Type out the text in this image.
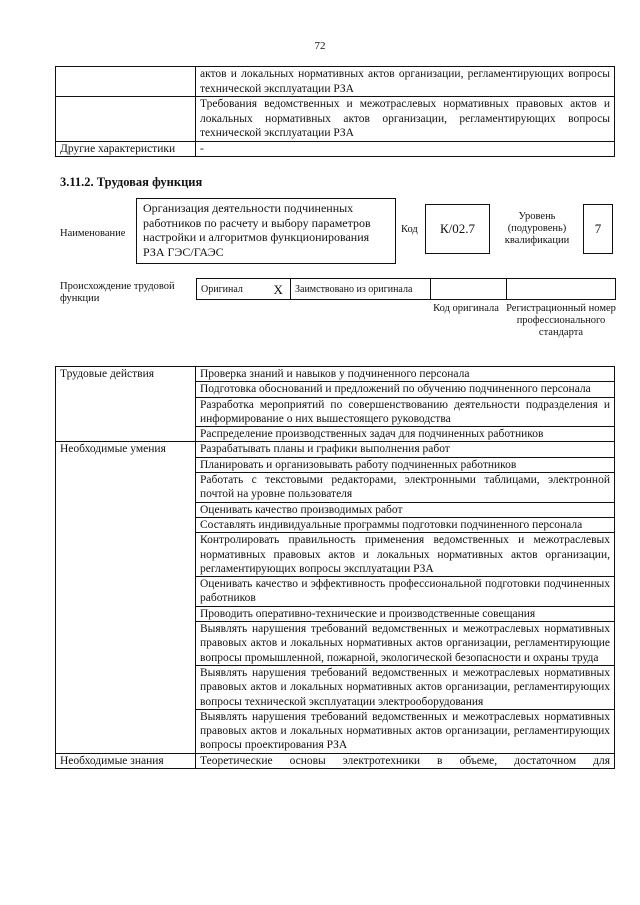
72
	актов и локальных нормативных актов организации, регламентирующих вопросы технической эксплуатации РЗА
	Требования ведомственных и межотраслевых нормативных правовых актов и локальных нормативных актов организации, регламентирующих вопросы технической эксплуатации РЗА
Другие характеристики	-
3.11.2. Трудовая функция
Наименование
Организация деятельности подчиненных работников по расчету и выбору параметров настройки и алгоритмов функционирования РЗА ГЭС/ГАЭС
Код	К/02.7
Уровень (подуровень) квалификации
7
Происхождение трудовой функции
Оригинал	X	Заимствовано из оригинала		
Код оригинала Регистрационный номер профессионального стандарта
Трудовые действия	Проверка знаний и навыков у подчиненного персонала
	Подготовка обоснований и предложений по обучению подчиненного персонала
	Разработка мероприятий по совершенствованию деятельности подразделения и информирование о них вышестоящего руководства
	Распределение производственных задач для подчиненных работников
Необходимые умения	Разрабатывать планы и графики выполнения работ
	Планировать и организовывать работу подчиненных работников
	Работать с текстовыми редакторами, электронными таблицами, электронной почтой на уровне пользователя
	Оценивать качество производимых работ
	Составлять индивидуальные программы подготовки подчиненного персонала
	Контролировать правильность применения ведомственных и межотраслевых нормативных правовых актов и локальных нормативных актов организации, регламентирующих вопросы эксплуатации РЗА
	Оценивать качество и эффективность профессиональной подготовки подчиненных работников
	Проводить оперативно-технические и производственные совещания
	Выявлять нарушения требований ведомственных и межотраслевых нормативных правовых актов и локальных нормативных актов организации, регламентирующие вопросы промышленной, пожарной, экологической безопасности и охраны труда
	Выявлять нарушения требований ведомственных и межотраслевых нормативных правовых актов и локальных нормативных актов организации, регламентирующих вопросы технической эксплуатации электрооборудования
	Выявлять нарушения требований ведомственных и межотраслевых нормативных правовых актов и локальных нормативных актов организации, регламентирующих вопросы проектирования РЗА
Необходимые знания	Теоретические основы электротехники в объеме, достаточном для
